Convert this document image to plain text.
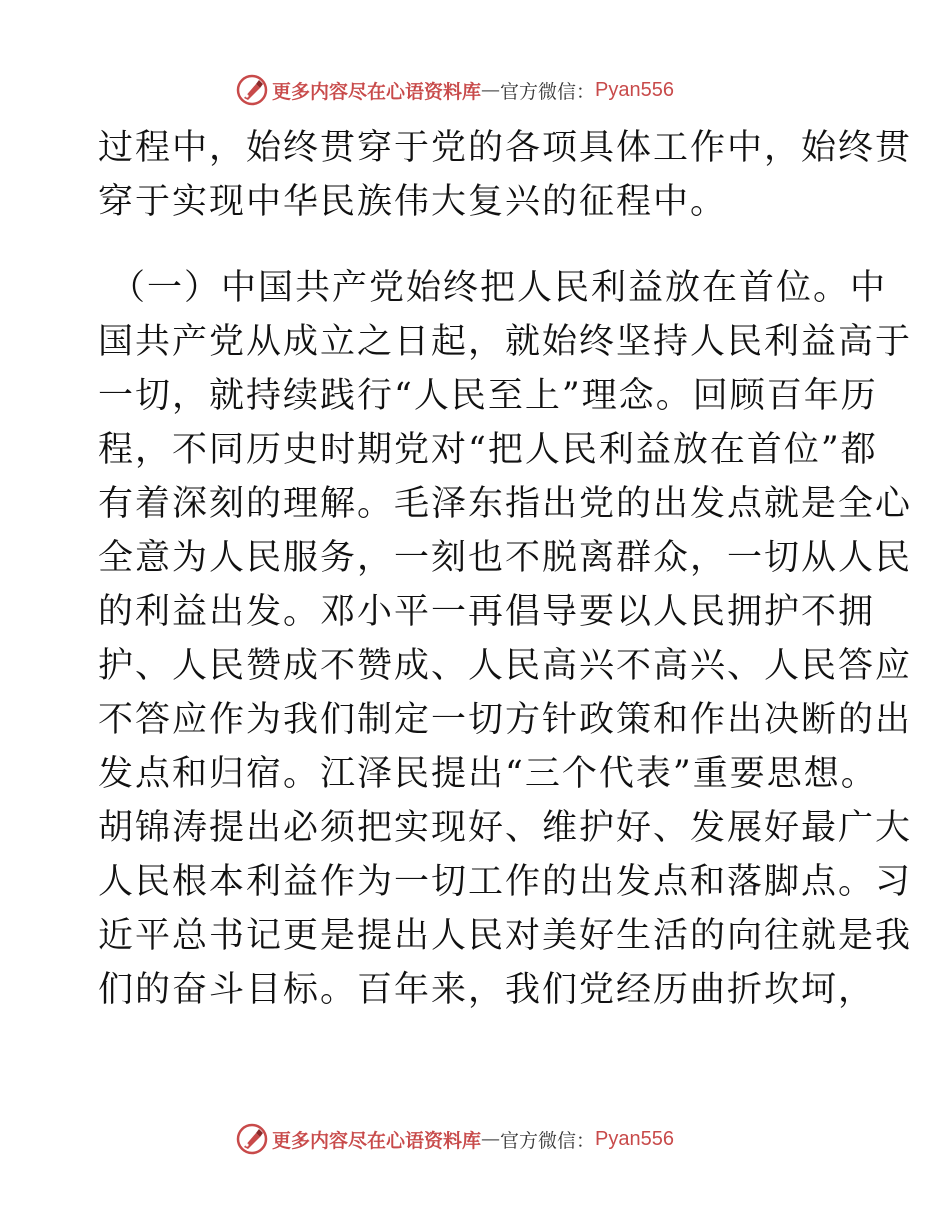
更多内容尽在心语资料库 — 官方微信： Pyan556
过程中，始终贯穿于党的各项具体工作中，始终贯
穿于实现中华民族伟大复兴的征程中。
（一）中国共产党始终把人民利益放在首位。中
国共产党从成立之日起，就始终坚持人民利益高于
一切，就持续践行“人民至上”理念。回顾百年历
程，不同历史时期党对“把人民利益放在首位”都
有着深刻的理解。毛泽东指出党的出发点就是全心
全意为人民服务，一刻也不脱离群众，一切从人民
的利益出发。邓小平一再倡导要以人民拥护不拥
护、人民赞成不赞成、人民高兴不高兴、人民答应
不答应作为我们制定一切方针政策和作出决断的出
发点和归宿。江泽民提出“三个代表”重要思想。
胡锦涛提出必须把实现好、维护好、发展好最广大
人民根本利益作为一切工作的出发点和落脚点。习
近平总书记更是提出人民对美好生活的向往就是我
们的奋斗目标。百年来，我们党经历曲折坎坷，
更多内容尽在心语资料库 — 官方微信： Pyan556
